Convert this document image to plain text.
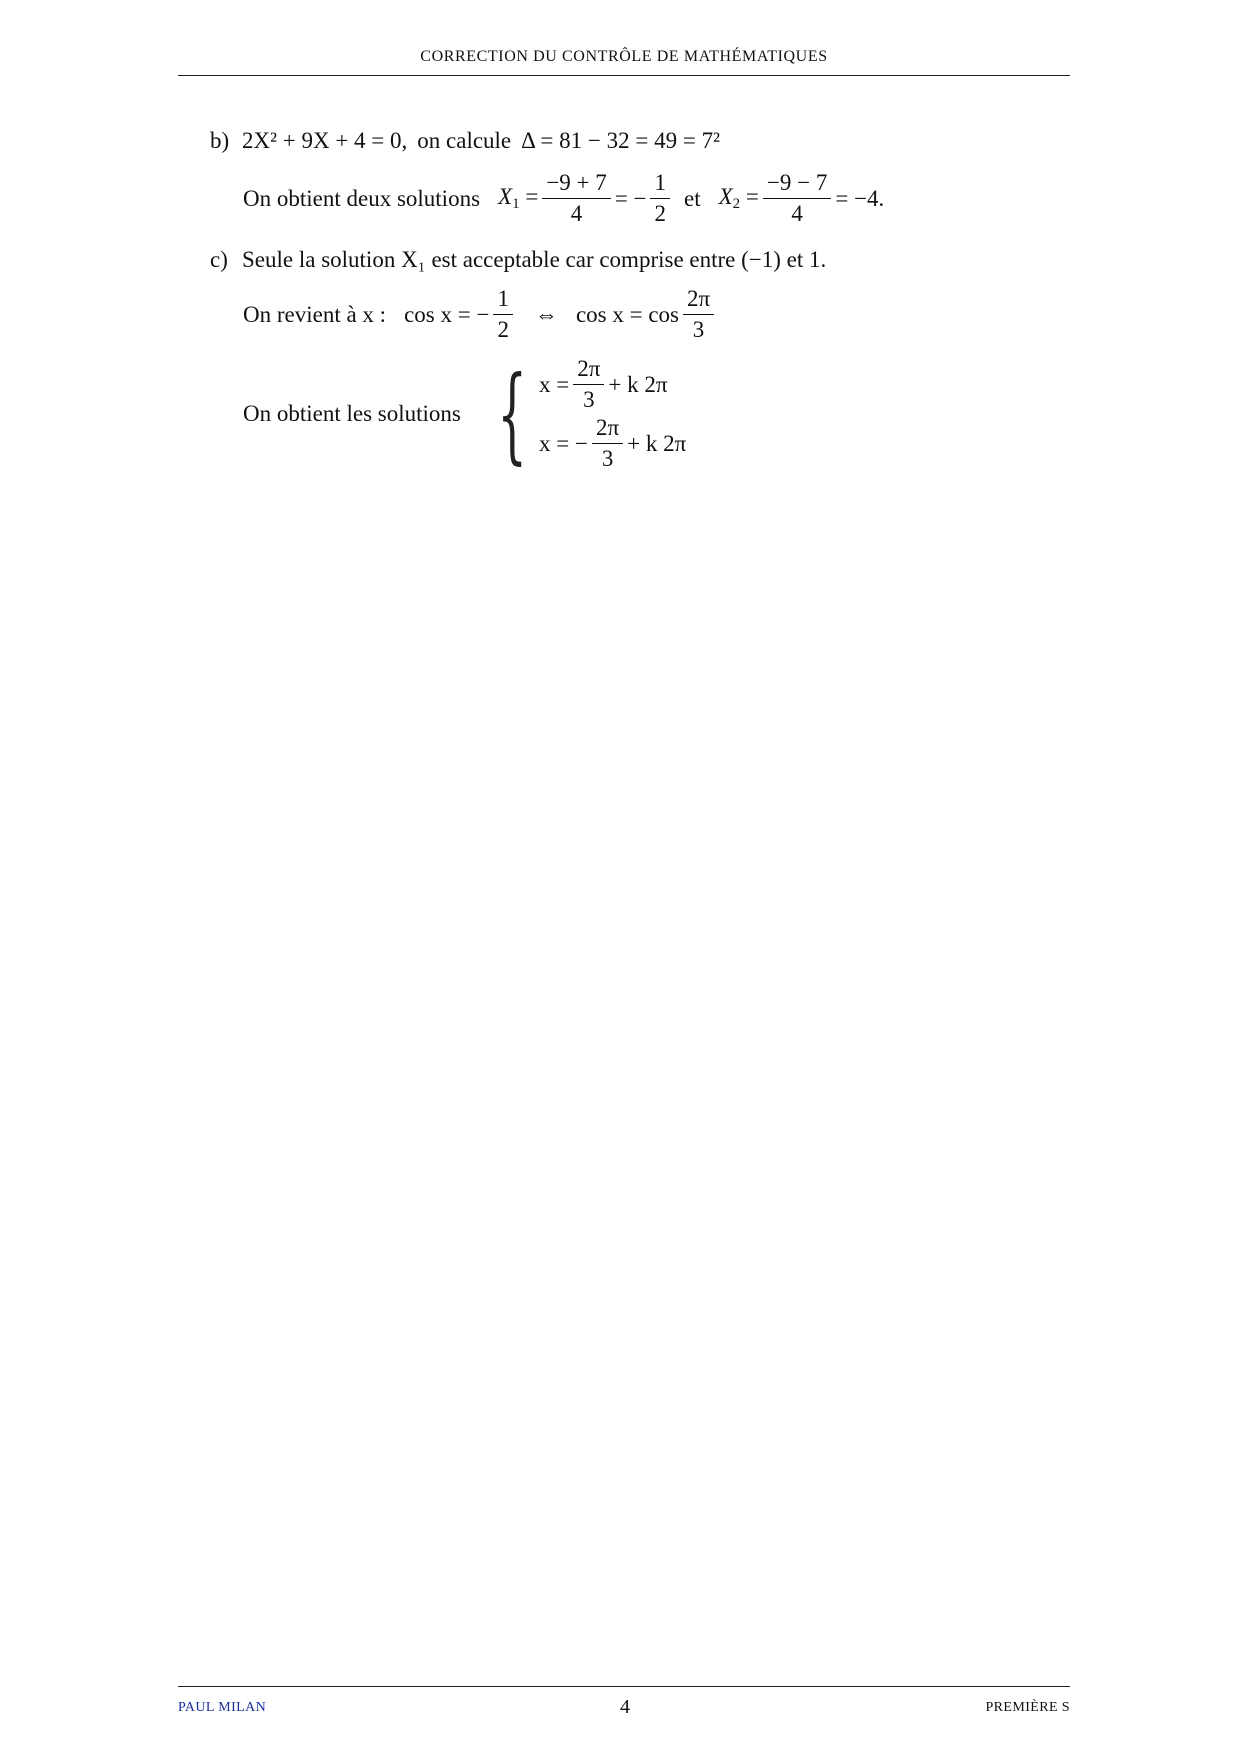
CORRECTION DU CONTRÔLE DE MATHÉMATIQUES
b) 2X² + 9X + 4 = 0, on calcule Δ = 81 − 32 = 49 = 7²
On obtient deux solutions $X_1 = \frac{-9 + 7}{4}$ = − $\frac{1}{2}$ et $X_2 = \frac{-9 - 7}{4} = -4$.
c) Seule la solution X₁ est acceptable car comprise entre (−1) et 1.
On revient à x : cos x = − $\frac{1}{2}$ ⇔ $\cos x = \cos \frac{2\pi}{3}$
On obtient les solutions { $x = \frac{2\pi}{3} + k$ 2π
x = − $\frac{2\pi}{3} + k$ 2π
PAUL MILAN	4	PREMIÈRE S
